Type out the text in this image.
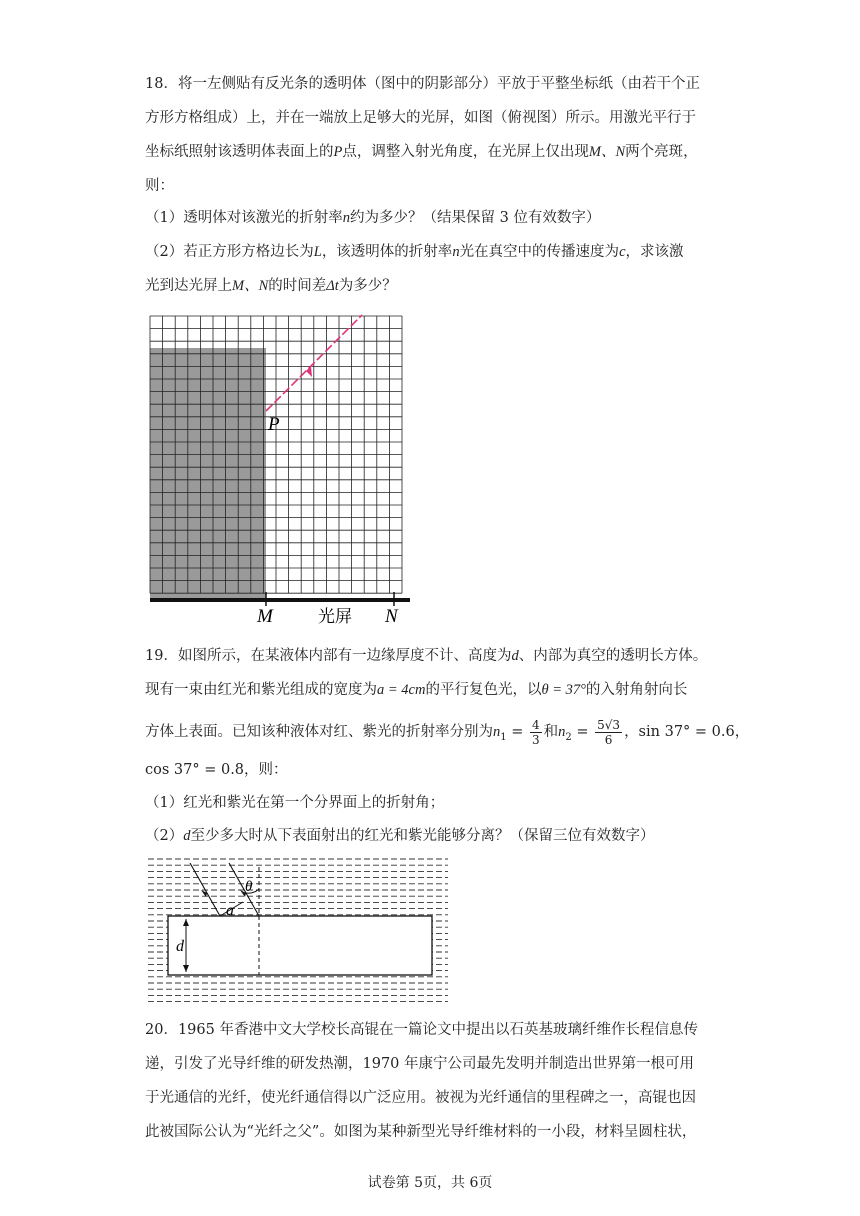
18．将一左侧贴有反光条的透明体（图中的阴影部分）平放于平整坐标纸（由若干个正
方形方格组成）上，并在一端放上足够大的光屏，如图（俯视图）所示。用激光平行于
坐标纸照射该透明体表面上的P点，调整入射光角度，在光屏上仅出现M、N两个亮斑，
则：
（1）透明体对该激光的折射率n约为多少？（结果保留 3 位有效数字）
（2）若正方形方格边长为L，该透明体的折射率n光在真空中的传播速度为c，求该激
光到达光屏上M、N的时间差Δt为多少？
P
M	光屏 N
19．如图所示，在某液体内部有一边缘厚度不计、高度为d、内部为真空的透明长方体。
现有一束由红光和紫光组成的宽度为a = 4cm的平行复色光，以θ = 37°的入射角射向长
方体上表面。已知该种液体对红、紫光的折射率分别为$n_1 = \frac{4}{3}$ 和$n_2 = \frac{5√3}{6}$ ，sin 37° = 0.6，
cos 37° = 0.8，则：
（1）红光和紫光在第一个分界面上的折射角；
（2）d至少多大时从下表面射出的红光和紫光能够分离？（保留三位有效数字）
a
θ
d
20．1965 年香港中文大学校长高锟在一篇论文中提出以石英基玻璃纤维作长程信息传
递，引发了光导纤维的研发热潮，1970 年康宁公司最先发明并制造出世界第一根可用
于光通信的光纤，使光纤通信得以广泛应用。被视为光纤通信的里程碑之一，高锟也因
此被国际公认为“光纤之父”。如图为某种新型光导纤维材料的一小段，材料呈圆柱状，
试卷第 5页，共 6页
